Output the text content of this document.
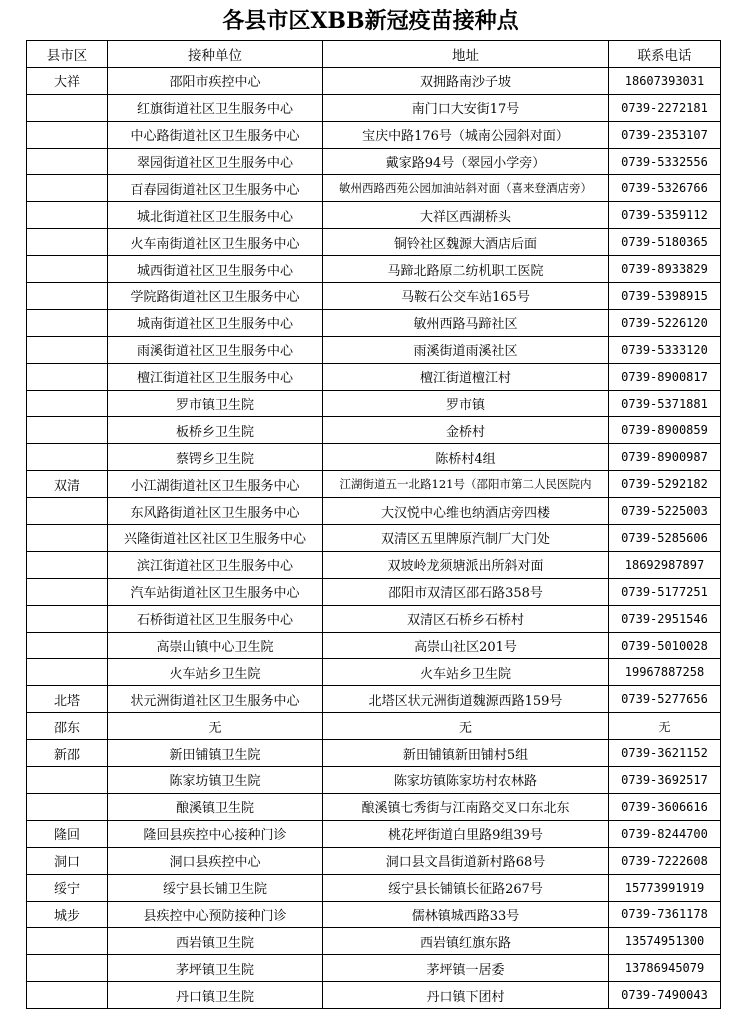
各县市区XBB新冠疫苗接种点
县市区	接种单位	地址	联系电话
大祥	邵阳市疾控中心	双拥路南沙子坡	18607393031
	红旗街道社区卫生服务中心	南门口大安街17号	0739-2272181
	中心路街道社区卫生服务中心	宝庆中路176号（城南公园斜对面）	0739-2353107
	翠园街道社区卫生服务中心	戴家路94号（翠园小学旁）	0739-5332556
	百春园街道社区卫生服务中心	敏州西路西苑公园加油站斜对面（喜来登酒店旁）	0739-5326766
	城北街道社区卫生服务中心	大祥区西湖桥头	0739-5359112
	火车南街道社区卫生服务中心	铜铃社区魏源大酒店后面	0739-5180365
	城西街道社区卫生服务中心	马蹄北路原二纺机职工医院	0739-8933829
	学院路街道社区卫生服务中心	马鞍石公交车站165号	0739-5398915
	城南街道社区卫生服务中心	敏州西路马蹄社区	0739-5226120
	雨溪街道社区卫生服务中心	雨溪街道雨溪社区	0739-5333120
	檀江街道社区卫生服务中心	檀江街道檀江村	0739-8900817
	罗市镇卫生院	罗市镇	0739-5371881
	板桥乡卫生院	金桥村	0739-8900859
	蔡锷乡卫生院	陈桥村4组	0739-8900987
双清	小江湖街道社区卫生服务中心	江湖街道五一北路121号（邵阳市第二人民医院内	0739-5292182
	东风路街道社区卫生服务中心	大汉悦中心维也纳酒店旁四楼	0739-5225003
	兴隆街道社区社区卫生服务中心	双清区五里牌原汽制厂大门处	0739-5285606
	滨江街道社区卫生服务中心	双坡岭龙须塘派出所斜对面	18692987897
	汽车站街道社区卫生服务中心	邵阳市双清区邵石路358号	0739-5177251
	石桥街道社区卫生服务中心	双清区石桥乡石桥村	0739-2951546
	高崇山镇中心卫生院	高崇山社区201号	0739-5010028
	火车站乡卫生院	火车站乡卫生院	19967887258
北塔	状元洲街道社区卫生服务中心	北塔区状元洲街道魏源西路159号	0739-5277656
邵东	无	无	无
新邵	新田铺镇卫生院	新田铺镇新田铺村5组	0739-3621152
	陈家坊镇卫生院	陈家坊镇陈家坊村农林路	0739-3692517
	酿溪镇卫生院	酿溪镇七秀街与江南路交叉口东北东	0739-3606616
隆回	隆回县疾控中心接种门诊	桃花坪街道白里路9组39号	0739-8244700
洞口	洞口县疾控中心	洞口县文昌街道新村路68号	0739-7222608
绥宁	绥宁县长铺卫生院	绥宁县长铺镇长征路267号	15773991919
城步	县疾控中心预防接种门诊	儒林镇城西路33号	0739-7361178
	西岩镇卫生院	西岩镇红旗东路	13574951300
	茅坪镇卫生院	茅坪镇一居委	13786945079
	丹口镇卫生院	丹口镇下团村	0739-7490043
